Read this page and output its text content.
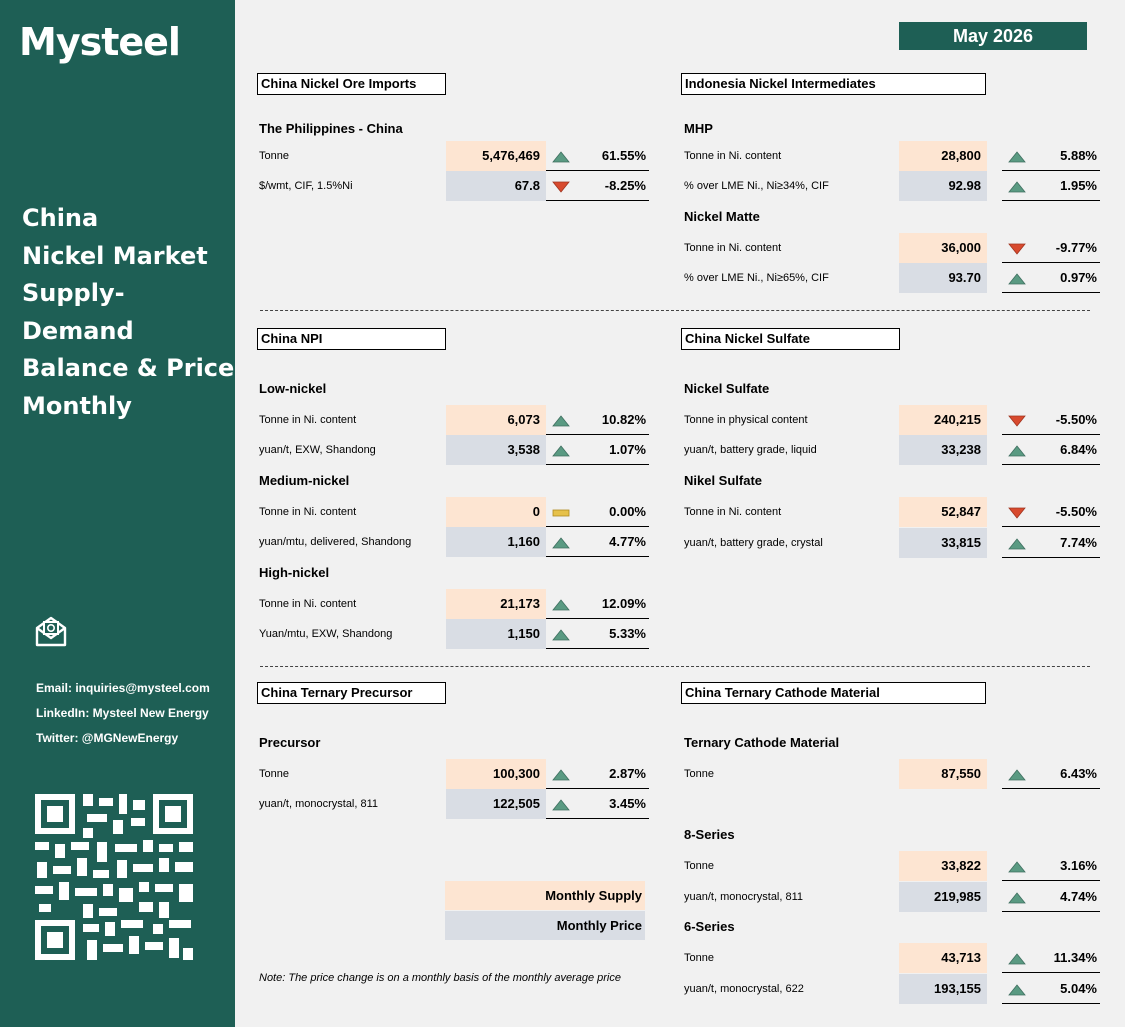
Mysteel
China
Nickel Market
Supply-Demand
Balance & Price
Monthly
Email: inquiries@mysteel.com
LinkedIn: Mysteel New Energy
Twitter: @MGNewEnergy
May 2026
China Nickel Ore Imports
The Philippines - China
Tonne	5,476,469	61.55%
$/wmt, CIF, 1.5%Ni	67.8	-8.25%
Indonesia Nickel Intermediates
MHP
Tonne in Ni. content	28,800	5.88%
% over LME Ni., Ni≥34%, CIF	92.98	1.95%
Nickel Matte
Tonne in Ni. content	36,000	-9.77%
% over LME Ni., Ni≥65%, CIF	93.70	0.97%
China NPI
Low-nickel
Tonne in Ni. content	6,073	10.82%
yuan/t, EXW, Shandong	3,538	1.07%
Medium-nickel
Tonne in Ni. content	0	0.00%
yuan/mtu, delivered, Shandong	1,160	4.77%
High-nickel
Tonne in Ni. content	21,173	12.09%
Yuan/mtu, EXW, Shandong	1,150	5.33%
China Nickel Sulfate
Nickel Sulfate
Tonne in physical content	240,215	-5.50%
yuan/t, battery grade, liquid	33,238	6.84%
Nikel Sulfate
Tonne in Ni. content	52,847	-5.50%
yuan/t, battery grade, crystal	33,815	7.74%
China Ternary Precursor
Precursor
Tonne	100,300	2.87%
yuan/t, monocrystal, 811	122,505	3.45%
Monthly Supply
Monthly Price
Note: The price change is on a monthly basis of the monthly average price
China Ternary Cathode Material
Ternary Cathode Material
Tonne	87,550	6.43%
8-Series
Tonne	33,822	3.16%
yuan/t, monocrystal, 811	219,985	4.74%
6-Series
Tonne	43,713	11.34%
yuan/t, monocrystal, 622	193,155	5.04%
